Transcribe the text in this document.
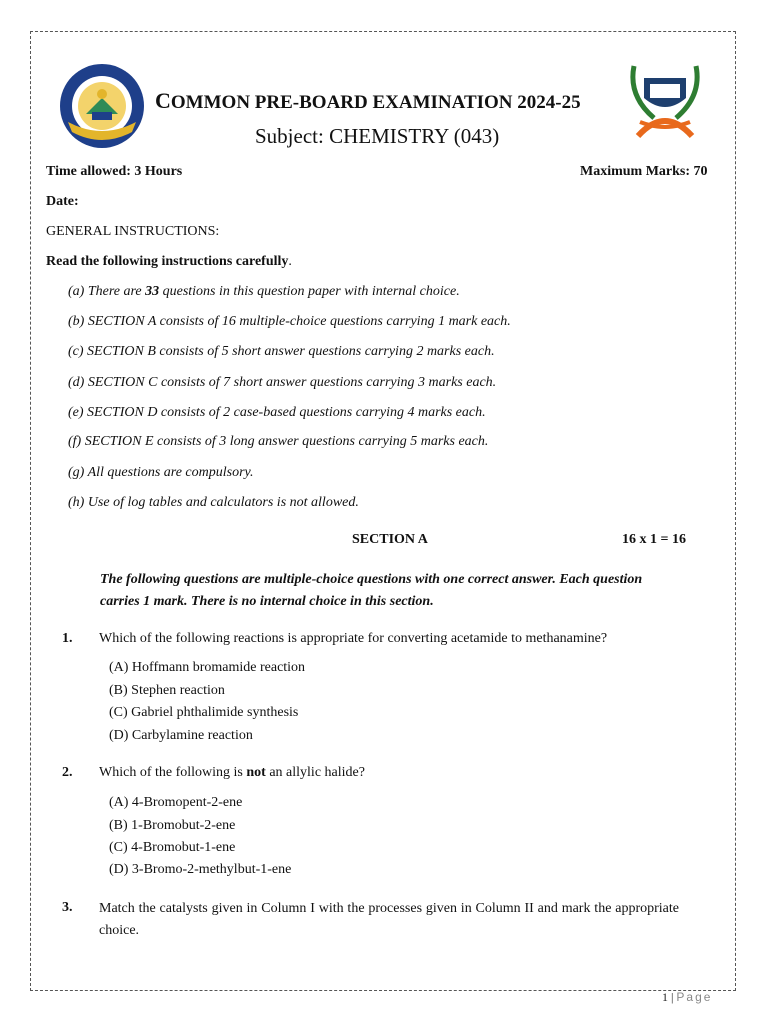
COMMON PRE-BOARD EXAMINATION 2024-25
Subject: CHEMISTRY (043)
Time allowed: 3 Hours	Maximum Marks: 70
Date:
GENERAL INSTRUCTIONS:
Read the following instructions carefully.
(a) There are 33 questions in this question paper with internal choice.
(b) SECTION A consists of 16 multiple-choice questions carrying 1 mark each.
(c) SECTION B consists of 5 short answer questions carrying 2 marks each.
(d) SECTION C consists of 7 short answer questions carrying 3 marks each.
(e) SECTION D consists of 2 case-based questions carrying 4 marks each.
(f) SECTION E consists of 3 long answer questions carrying 5 marks each.
(g) All questions are compulsory.
(h) Use of log tables and calculators is not allowed.
SECTION A	16 x 1 = 16
The following questions are multiple-choice questions with one correct answer. Each question carries 1 mark. There is no internal choice in this section.
1. Which of the following reactions is appropriate for converting acetamide to methanamine?
(A) Hoffmann bromamide reaction
(B) Stephen reaction
(C) Gabriel phthalimide synthesis
(D) Carbylamine reaction
2. Which of the following is not an allylic halide?
(A) 4-Bromopent-2-ene
(B) 1-Bromobut-2-ene
(C) 4-Bromobut-1-ene
(D) 3-Bromo-2-methylbut-1-ene
3. Match the catalysts given in Column I with the processes given in Column II and mark the appropriate choice.
1 | Page
